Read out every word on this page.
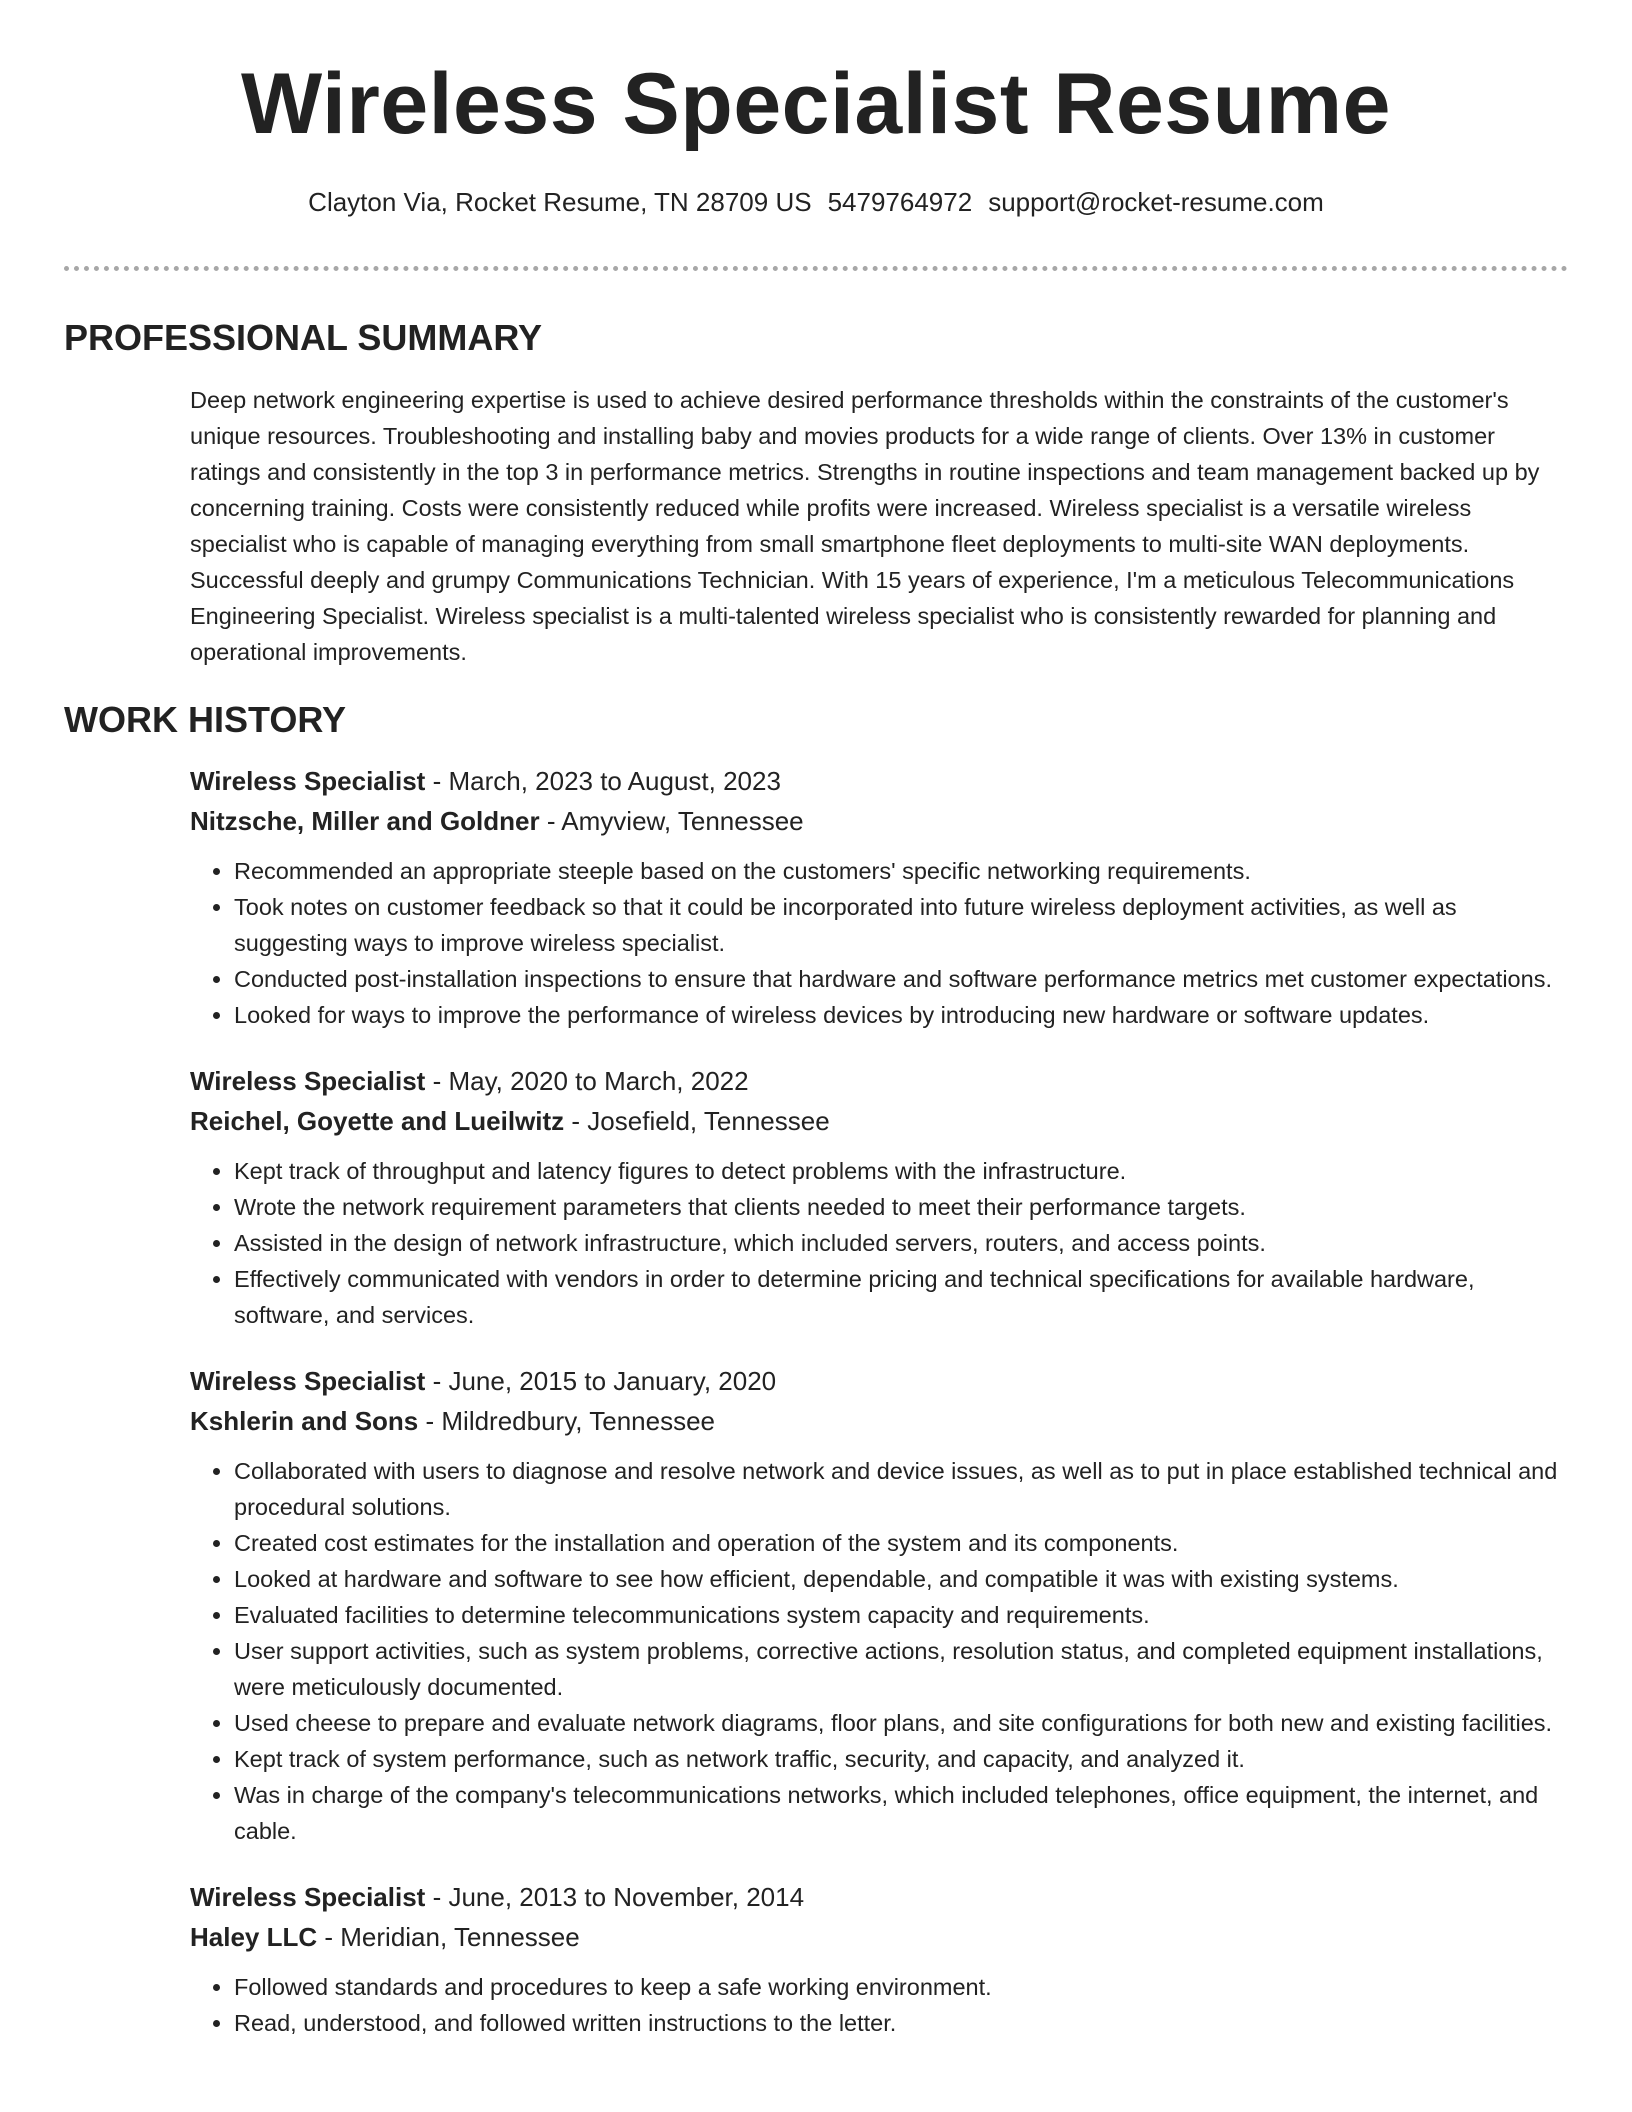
Wireless Specialist Resume
Clayton Via, Rocket Resume, TN 28709 US 5479764972 support@rocket-resume.com
PROFESSIONAL SUMMARY

Deep network engineering expertise is used to achieve desired performance thresholds within the constraints of the customer's unique resources. Troubleshooting and installing baby and movies products for a wide range of clients. Over 13% in customer ratings and consistently in the top 3 in performance metrics. Strengths in routine inspections and team management backed up by concerning training. Costs were consistently reduced while profits were increased. Wireless specialist is a versatile wireless specialist who is capable of managing everything from small smartphone fleet deployments to multi-site WAN deployments. Successful deeply and grumpy Communications Technician. With 15 years of experience, I'm a meticulous Telecommunications Engineering Specialist. Wireless specialist is a multi-talented wireless specialist who is consistently rewarded for planning and operational improvements.

WORK HISTORY
Wireless Specialist - March, 2023 to August, 2023
Nitzsche, Miller and Goldner - Amyview, Tennessee
• Recommended an appropriate steeple based on the customers' specific networking requirements.
• Took notes on customer feedback so that it could be incorporated into future wireless deployment activities, as well as suggesting ways to improve wireless specialist.
• Conducted post-installation inspections to ensure that hardware and software performance metrics met customer expectations.
• Looked for ways to improve the performance of wireless devices by introducing new hardware or software updates.
Wireless Specialist - May, 2020 to March, 2022
Reichel, Goyette and Lueilwitz - Josefield, Tennessee
• Kept track of throughput and latency figures to detect problems with the infrastructure.
• Wrote the network requirement parameters that clients needed to meet their performance targets.
• Assisted in the design of network infrastructure, which included servers, routers, and access points.
• Effectively communicated with vendors in order to determine pricing and technical specifications for available hardware, software, and services.
Wireless Specialist - June, 2015 to January, 2020
Kshlerin and Sons - Mildredbury, Tennessee
• Collaborated with users to diagnose and resolve network and device issues, as well as to put in place established technical and procedural solutions.
• Created cost estimates for the installation and operation of the system and its components.
• Looked at hardware and software to see how efficient, dependable, and compatible it was with existing systems.
• Evaluated facilities to determine telecommunications system capacity and requirements.
• User support activities, such as system problems, corrective actions, resolution status, and completed equipment installations, were meticulously documented.
• Used cheese to prepare and evaluate network diagrams, floor plans, and site configurations for both new and existing facilities.
• Kept track of system performance, such as network traffic, security, and capacity, and analyzed it.
• Was in charge of the company's telecommunications networks, which included telephones, office equipment, the internet, and cable.
Wireless Specialist - June, 2013 to November, 2014
Haley LLC - Meridian, Tennessee
• Followed standards and procedures to keep a safe working environment.
• Read, understood, and followed written instructions to the letter.
